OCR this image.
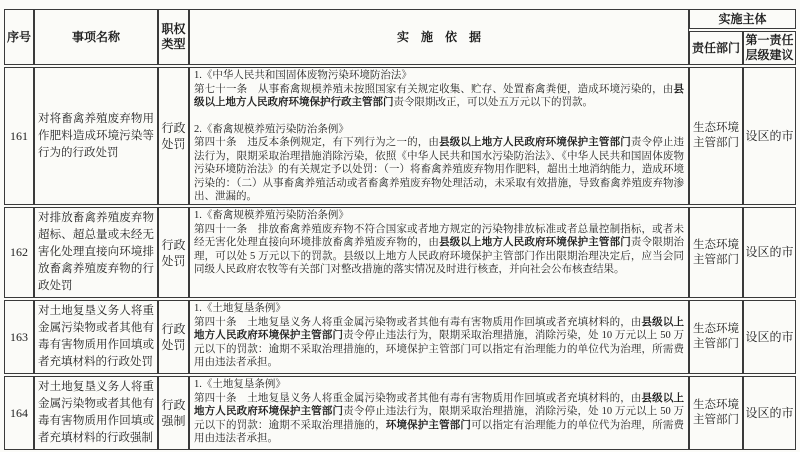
序号	事项名称	职权类型	实　施　依　据	实施主体	
				责任部门	第一责任层级建议
161	对将畜禽养殖废弃物用作肥料造成环境污染等行为的行政处罚	行政处罚	1.《中华人民共和国固体废物污染环境防治法》
第七十一条　从事畜禽规模养殖未按照国家有关规定收集、贮存、处置畜禽粪便，造成环境污染的，由县级以上地方人民政府环境保护行政主管部门责令限期改正，可以处五万元以下的罚款。
2.《畜禽规模养殖污染防治条例》
第四十条　违反本条例规定，有下列行为之一的，由县级以上地方人民政府环境保护主管部门责令停止违法行为，限期采取治理措施消除污染，依照《中华人民共和国水污染防治法》、《中华人民共和国固体废物污染环境防治法》的有关规定予以处罚：（一）将畜禽养殖废弃物用作肥料，超出土地消纳能力，造成环境污染的：（二）从事畜禽养殖活动或者畜禽养殖废弃物处理活动，未采取有效措施，导致畜禽养殖废弃物渗出、泄漏的。	生态环境主管部门	设区的市
162	对排放畜禽养殖废弃物超标、超总量或未经无害化处理直接向环境排放畜禽养殖废弃物的行政处罚	行政处罚	1.《畜禽规模养殖污染防治条例》
第四十一条　排放畜禽养殖废弃物不符合国家或者地方规定的污染物排放标准或者总量控制指标，或者未经无害化处理直接向环境排放畜禽养殖废弃物的，由县级以上地方人民政府环境保护主管部门责令限期治理，可以处 5 万元以下的罚款。县级以上地方人民政府环境保护主管部门作出限期治理决定后，应当会同同级人民政府农牧等有关部门对整改措施的落实情况及时进行核查，并向社会公布核查结果。	生态环境主管部门	设区的市
163	对土地复垦义务人将重金属污染物或者其他有毒有害物质用作回填或者充填材料的行政处罚	行政处罚	1.《土地复垦条例》
第四十条　土地复垦义务人将重金属污染物或者其他有毒有害物质用作回填或者充填材料的，由县级以上地方人民政府环境保护主管部门责令停止违法行为，限期采取治理措施，消除污染，处 10 万元以上 50 万元以下的罚款：逾期不采取治理措施的，环境保护主管部门可以指定有治理能力的单位代为治理，所需费用由违法者承担。	生态环境主管部门	设区的市
164	对土地复垦义务人将重金属污染物或者其他有毒有害物质用作回填或者充填材料的行政强制	行政强制	1.《土地复垦条例》
第四十条　土地复垦义务人将重金属污染物或者其他有毒有害物质用作回填或者充填材料的，由县级以上地方人民政府环境保护主管部门责令停止违法行为，限期采取治理措施，消除污染，处 10 万元以上 50 万元以下的罚款：逾期不采取治理措施的，环境保护主管部门可以指定有治理能力的单位代为治理，所需费用由违法者承担。	生态环境主管部门	设区的市
